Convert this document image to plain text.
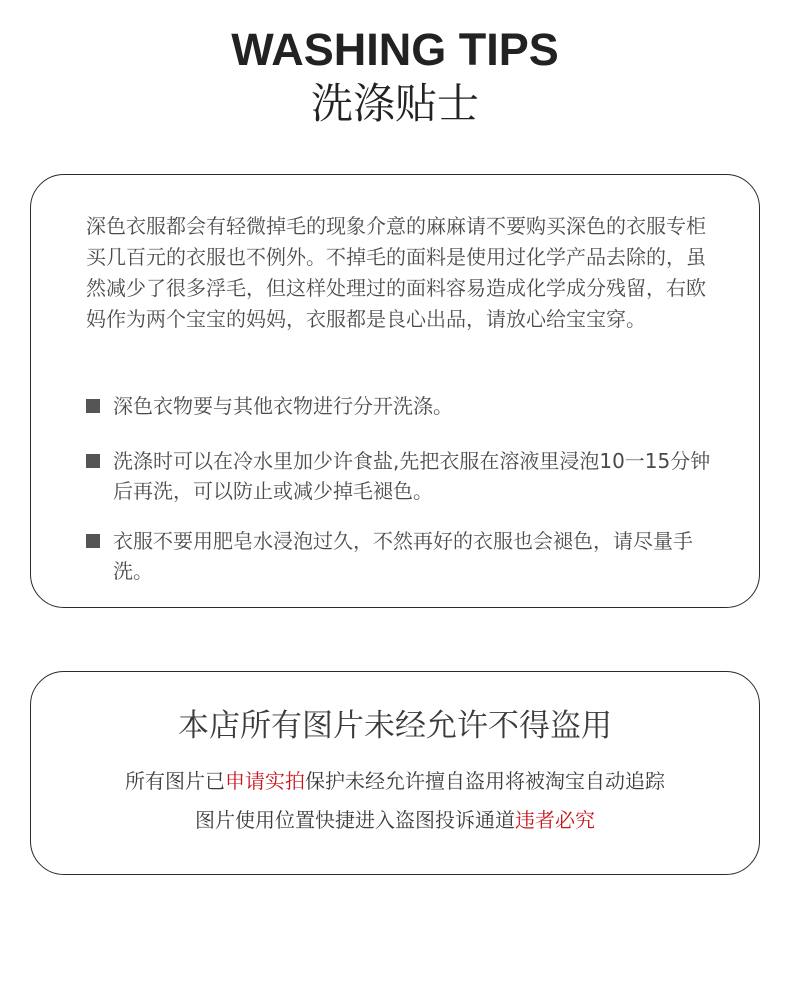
WASHING TIPS
洗涤贴士

深色衣服都会有轻微掉毛的现象介意的麻麻请不要购买深色的衣服专柜买几百元的衣服也不例外。不掉毛的面料是使用过化学产品去除的，虽然减少了很多浮毛，但这样处理过的面料容易造成化学成分残留，右欧妈作为两个宝宝的妈妈，衣服都是良心出品，请放心给宝宝穿。

深色衣物要与其他衣物进行分开洗涤。
洗涤时可以在冷水里加少许食盐,先把衣服在溶液里浸泡10一15分钟后再洗，可以防止或减少掉毛褪色。
衣服不要用肥皂水浸泡过久，不然再好的衣服也会褪色，请尽量手洗。
本店所有图片未经允许不得盗用
所有图片已申请实拍保护未经允许擅自盗用将被淘宝自动追踪
图片使用位置快捷进入盗图投诉通道违者必究
